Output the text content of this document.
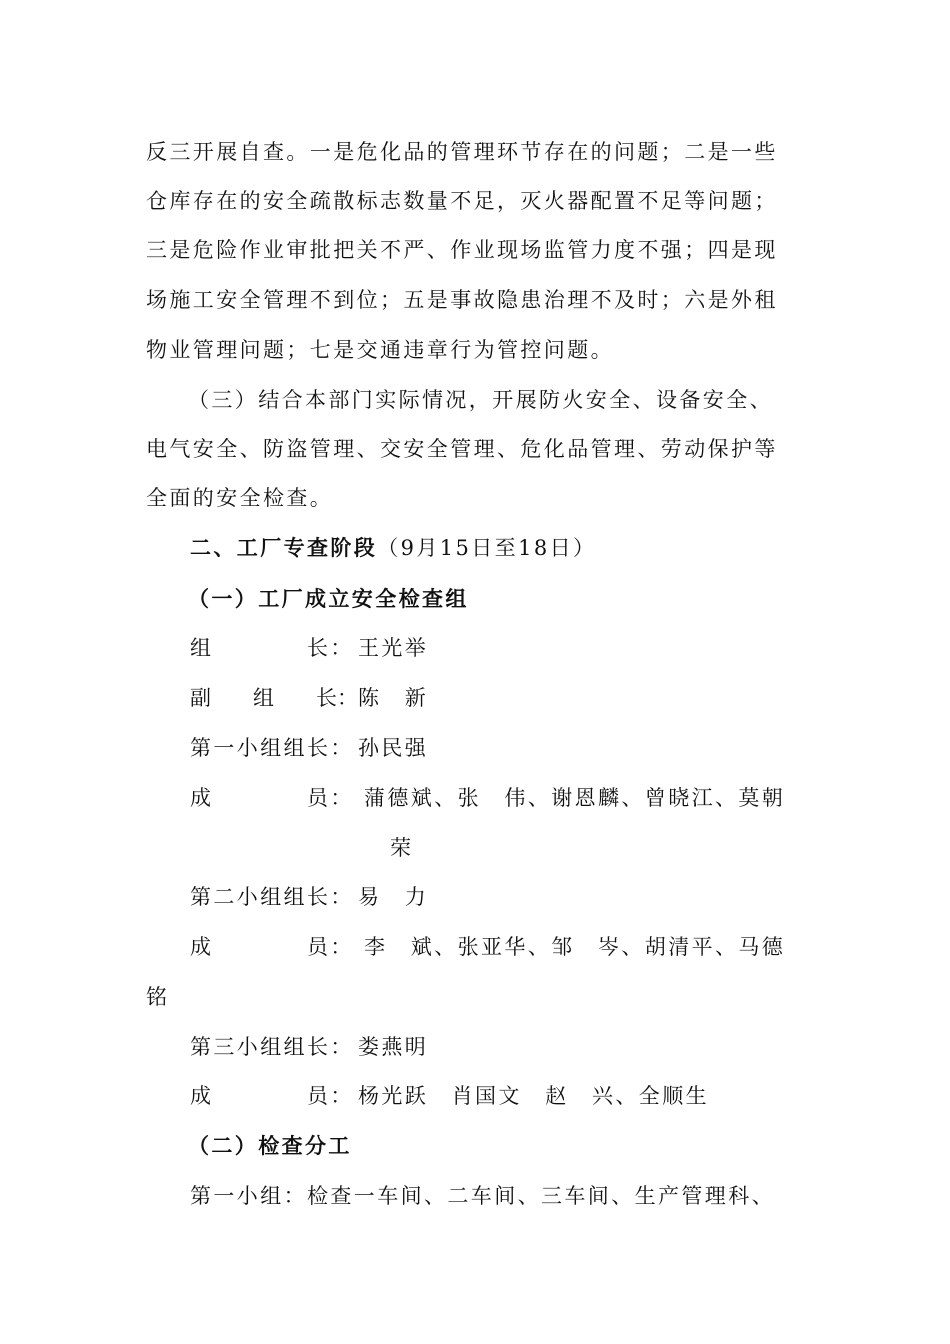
反三开展自查。一是危化品的管理环节存在的问题；二是一些
仓库存在的安全疏散标志数量不足，灭火器配置不足等问题；
三是危险作业审批把关不严、作业现场监管力度不强；四是现
场施工安全管理不到位；五是事故隐患治理不及时；六是外租
物业管理问题；七是交通违章行为管控问题。
（三）结合本部门实际情况，开展防火安全、设备安全、
电气安全、防盗管理、交安全管理、危化品管理、劳动保护等
全面的安全检查。
二、工厂专查阶段（9月15日至18日）
（一）工厂成立安全检查组
组　　　　长： 王光举
副　　组　　长： 陈　新
第一小组组长： 孙民强
成　　　　员： 蒲德斌、张　伟、谢恩麟、曾晓江、莫朝
荣
第二小组组长： 易　力
成　　　　员： 李　斌、张亚华、邹　岑、胡清平、马德
铭
第三小组组长： 娄燕明
成　　　　员： 杨光跃　肖国文　赵　兴、全顺生
（二）检查分工
第一小组：检查一车间、二车间、三车间、生产管理科、
